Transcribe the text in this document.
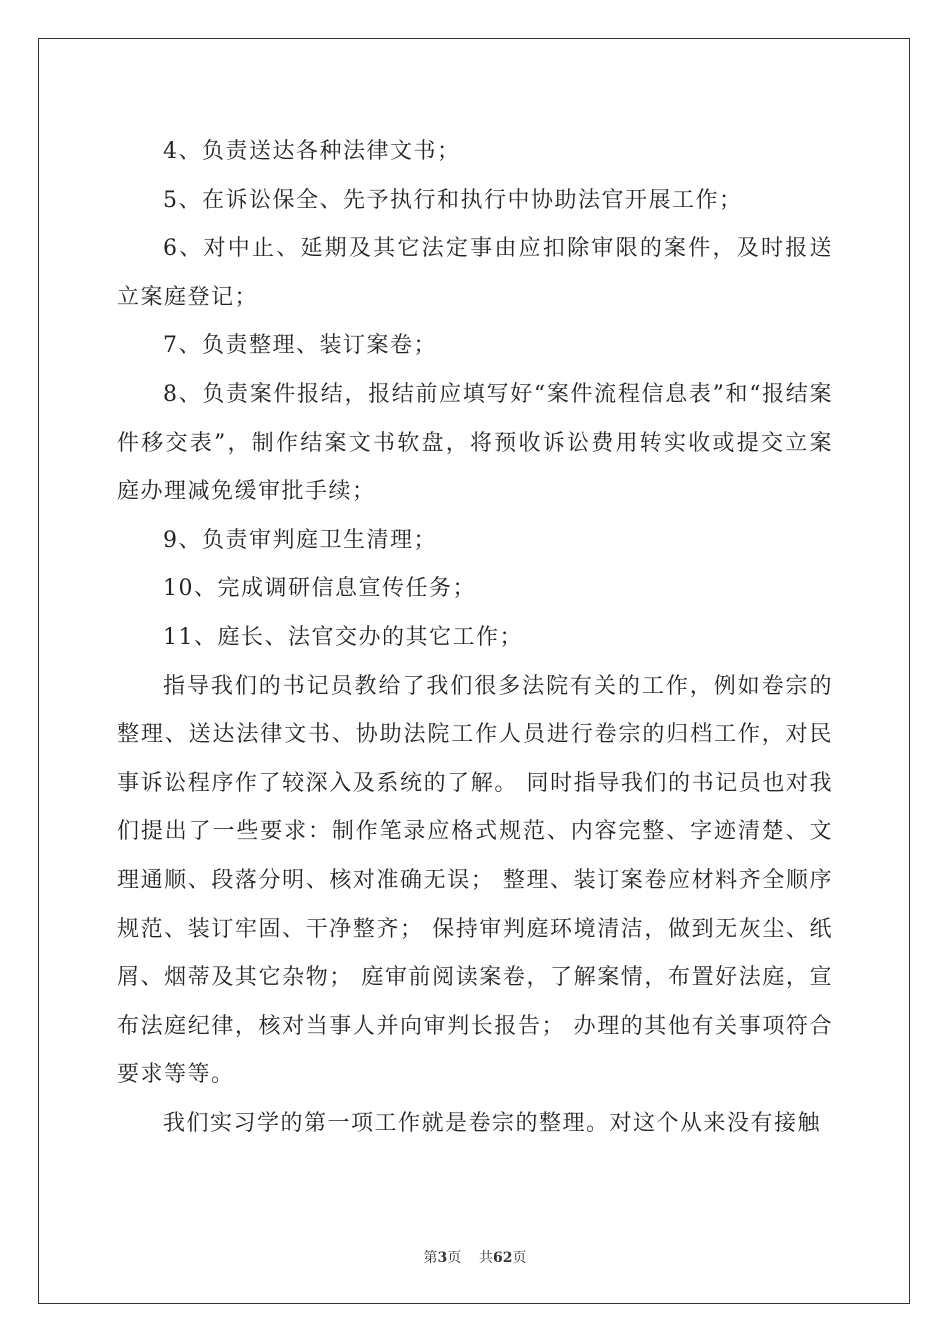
4、负责送达各种法律文书；

5、在诉讼保全、先予执行和执行中协助法官开展工作；

6、对中止、延期及其它法定事由应扣除审限的案件，及时报送立案庭登记；

7、负责整理、装订案卷；

8、负责案件报结，报结前应填写好“案件流程信息表”和“报结案件移交表”，制作结案文书软盘，将预收诉讼费用转实收或提交立案庭办理减免缓审批手续；

9、负责审判庭卫生清理；

10、完成调研信息宣传任务；

11、庭长、法官交办的其它工作；

指导我们的书记员教给了我们很多法院有关的工作，例如卷宗的整理、送达法律文书、协助法院工作人员进行卷宗的归档工作，对民事诉讼程序作了较深入及系统的了解。 同时指导我们的书记员也对我们提出了一些要求：制作笔录应格式规范、内容完整、字迹清楚、文理通顺、段落分明、核对准确无误； 整理、装订案卷应材料齐全顺序规范、装订牢固、干净整齐； 保持审判庭环境清洁，做到无灰尘、纸屑、烟蒂及其它杂物； 庭审前阅读案卷，了解案情，布置好法庭，宣布法庭纪律，核对当事人并向审判长报告； 办理的其他有关事项符合要求等等。

我们实习学的第一项工作就是卷宗的整理。对这个从来没有接触

第3页    共62页
